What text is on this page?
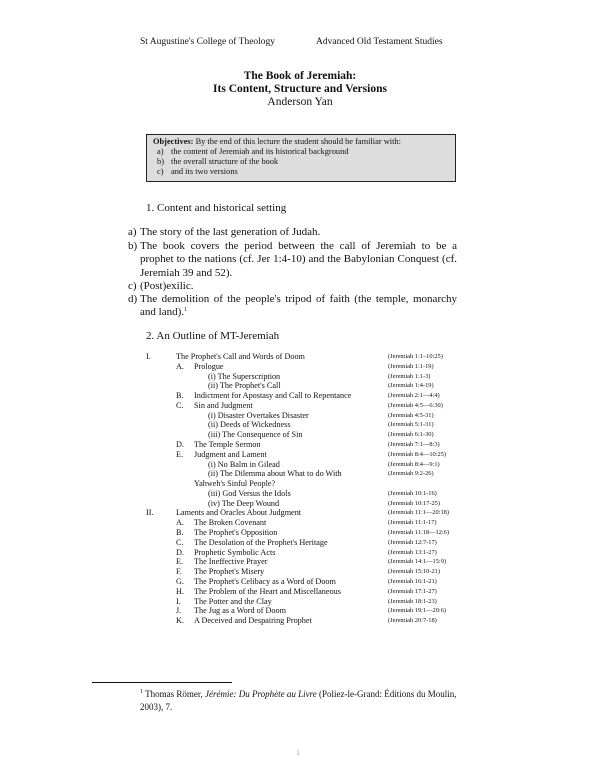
St Augustine's College of Theology	Advanced Old Testament Studies
The Book of Jeremiah:
Its Content, Structure and Versions
Anderson Yan
Objectives: By the end of this lecture the student should be familiar with:
a) the content of Jeremiah and its historical background
b) the overall structure of the book
c) and its two versions
1. Content and historical setting
a) The story of the last generation of Judah.
b) The book covers the period between the call of Jeremiah to be a prophet to the nations (cf. Jer 1:4-10) and the Babylonian Conquest (cf. Jeremiah 39 and 52).
c) (Post)exilic.
d) The demolition of the people's tripod of faith (the temple, monarchy and land).$^1$
2. An Outline of MT-Jeremiah
I.	The Prophet's Call and Words of Doom	(Jeremiah 1:1–10:25)
A. Prologue	(Jeremiah 1:1-19)
(i) The Superscription	(Jeremiah 1:1-3)
(ii) The Prophet's Call	(Jeremiah 1:4-19)
B. Indictment for Apostasy and Call to Repentance	(Jeremiah 2:1—4:4)
C. Sin and Judgment	(Jeremiah 4:5—6:30)
(i) Disaster Overtakes Disaster	(Jeremiah 4:5-31)
(ii) Deeds of Wickedness	(Jeremiah 5:1-31)
(iii) The Consequence of Sin	(Jeremiah 6:1-30)
D. The Temple Sermon	(Jeremiah 7:1—8:3)
E. Judgment and Lament	(Jeremiah 8:4—10:25)
(i) No Balm in Gilead	(Jeremiah 8:4—9:1)
(ii) The Dilemma about What to do With	(Jeremiah 9:2-26)
Yahweh's Sinful People?
(iii) God Versus the Idols	(Jeremiah 10:1-16)
(iv) The Deep Wound	(Jeremiah 10:17-25)
II.	Laments and Oracles About Judgment	(Jeremiah 11:1—20:18)
A. The Broken Covenant	(Jeremiah 11:1-17)
B. The Prophet's Opposition	(Jeremiah 11:18—12:6)
C. The Desolation of the Prophet's Heritage	(Jeremiah 12:7-17)
D. Prophetic Symbolic Acts	(Jeremiah 13:1-27)
E. The Ineffective Prayer	(Jeremiah 14:1—15:9)
F. The Prophet's Misery	(Jeremiah 15:10-21)
G. The Prophet's Celibacy as a Word of Doom	(Jeremiah 16:1-21)
H. The Problem of the Heart and Miscellaneous	(Jeremiah 17:1-27)
I. The Potter and the Clay	(Jeremiah 18:1-23)
J. The Jug as a Word of Doom	(Jeremiah 19:1—20:6)
K. A Deceived and Despairing Prophet	(Jeremiah 20:7-18)
$^1$ Thomas Römer, Jérémie: Du Prophète au Livre (Poliez-le-Grand: Éditions du Moulin, 2003), 7.
1
